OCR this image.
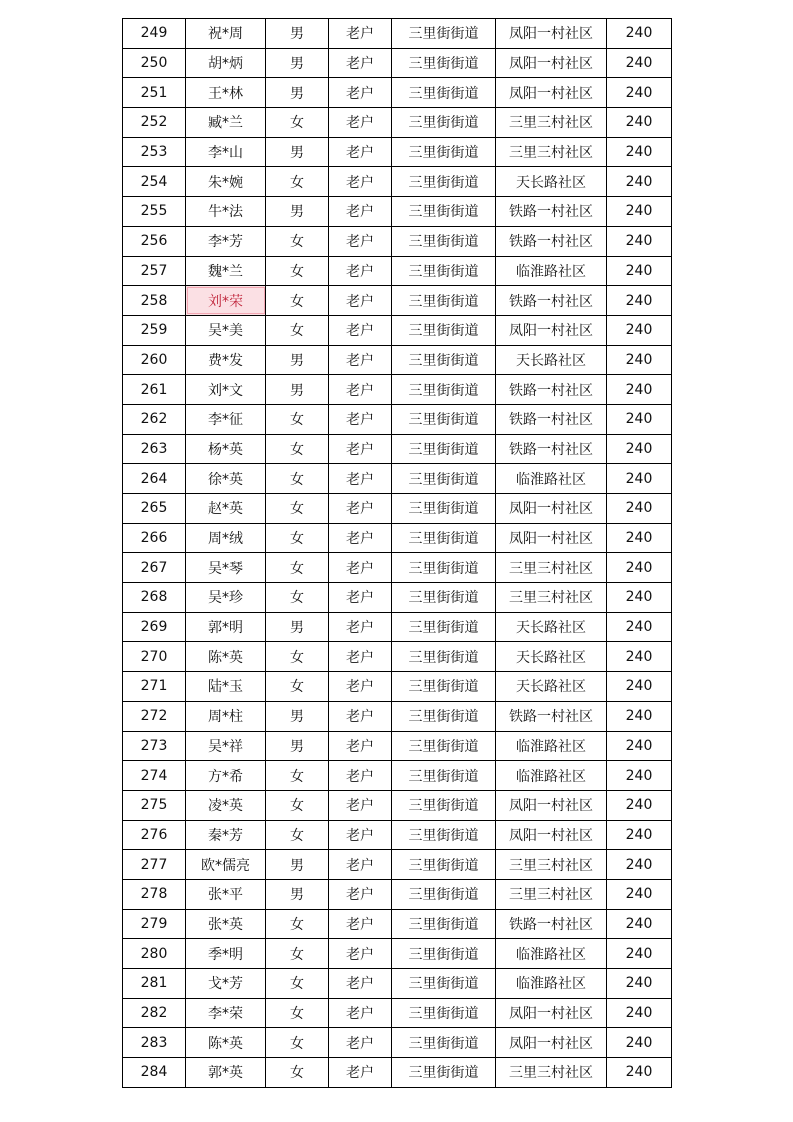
249	祝*周	男	老户	三里街街道	凤阳一村社区	240
250	胡*炳	男	老户	三里街街道	凤阳一村社区	240
251	王*林	男	老户	三里街街道	凤阳一村社区	240
252	臧*兰	女	老户	三里街街道	三里三村社区	240
253	李*山	男	老户	三里街街道	三里三村社区	240
254	朱*婉	女	老户	三里街街道	天长路社区	240
255	牛*法	男	老户	三里街街道	铁路一村社区	240
256	李*芳	女	老户	三里街街道	铁路一村社区	240
257	魏*兰	女	老户	三里街街道	临淮路社区	240
258	刘*荣	女	老户	三里街街道	铁路一村社区	240
259	吴*美	女	老户	三里街街道	凤阳一村社区	240
260	费*发	男	老户	三里街街道	天长路社区	240
261	刘*文	男	老户	三里街街道	铁路一村社区	240
262	李*征	女	老户	三里街街道	铁路一村社区	240
263	杨*英	女	老户	三里街街道	铁路一村社区	240
264	徐*英	女	老户	三里街街道	临淮路社区	240
265	赵*英	女	老户	三里街街道	凤阳一村社区	240
266	周*绒	女	老户	三里街街道	凤阳一村社区	240
267	吴*琴	女	老户	三里街街道	三里三村社区	240
268	吴*珍	女	老户	三里街街道	三里三村社区	240
269	郭*明	男	老户	三里街街道	天长路社区	240
270	陈*英	女	老户	三里街街道	天长路社区	240
271	陆*玉	女	老户	三里街街道	天长路社区	240
272	周*柱	男	老户	三里街街道	铁路一村社区	240
273	吴*祥	男	老户	三里街街道	临淮路社区	240
274	方*希	女	老户	三里街街道	临淮路社区	240
275	凌*英	女	老户	三里街街道	凤阳一村社区	240
276	秦*芳	女	老户	三里街街道	凤阳一村社区	240
277	欧*儒亮	男	老户	三里街街道	三里三村社区	240
278	张*平	男	老户	三里街街道	三里三村社区	240
279	张*英	女	老户	三里街街道	铁路一村社区	240
280	季*明	女	老户	三里街街道	临淮路社区	240
281	戈*芳	女	老户	三里街街道	临淮路社区	240
282	李*荣	女	老户	三里街街道	凤阳一村社区	240
283	陈*英	女	老户	三里街街道	凤阳一村社区	240
284	郭*英	女	老户	三里街街道	三里三村社区	240
